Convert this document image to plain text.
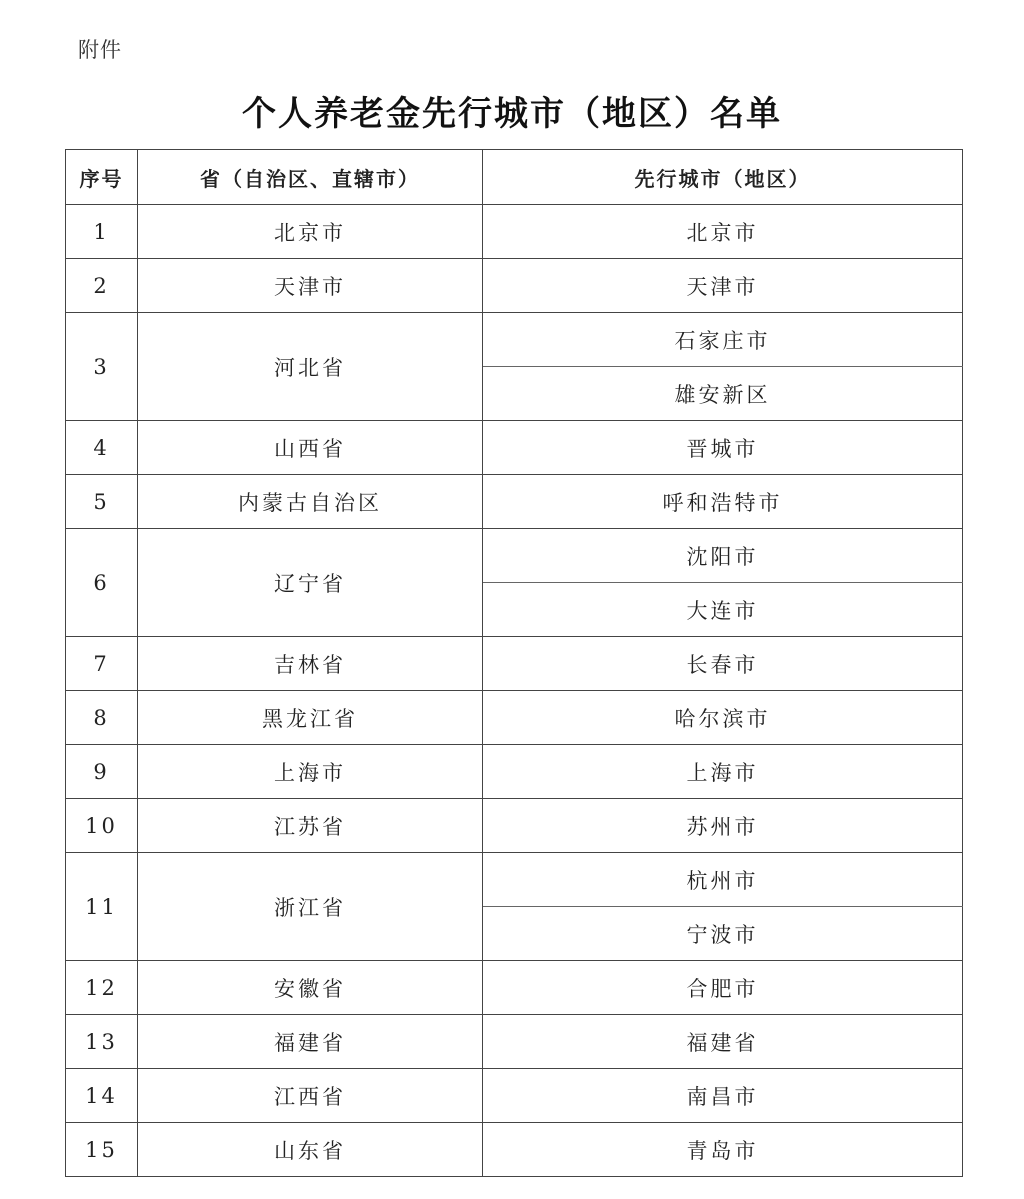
附件
个人养老金先行城市（地区）名单
序号	省（自治区、直辖市）	先行城市（地区）
1	北京市	北京市
2	天津市	天津市
3	河北省	石家庄市
		雄安新区
4	山西省	晋城市
5	内蒙古自治区	呼和浩特市
6	辽宁省	沈阳市
		大连市
7	吉林省	长春市
8	黑龙江省	哈尔滨市
9	上海市	上海市
10	江苏省	苏州市
11	浙江省	杭州市
		宁波市
12	安徽省	合肥市
13	福建省	福建省
14	江西省	南昌市
15	山东省	青岛市
